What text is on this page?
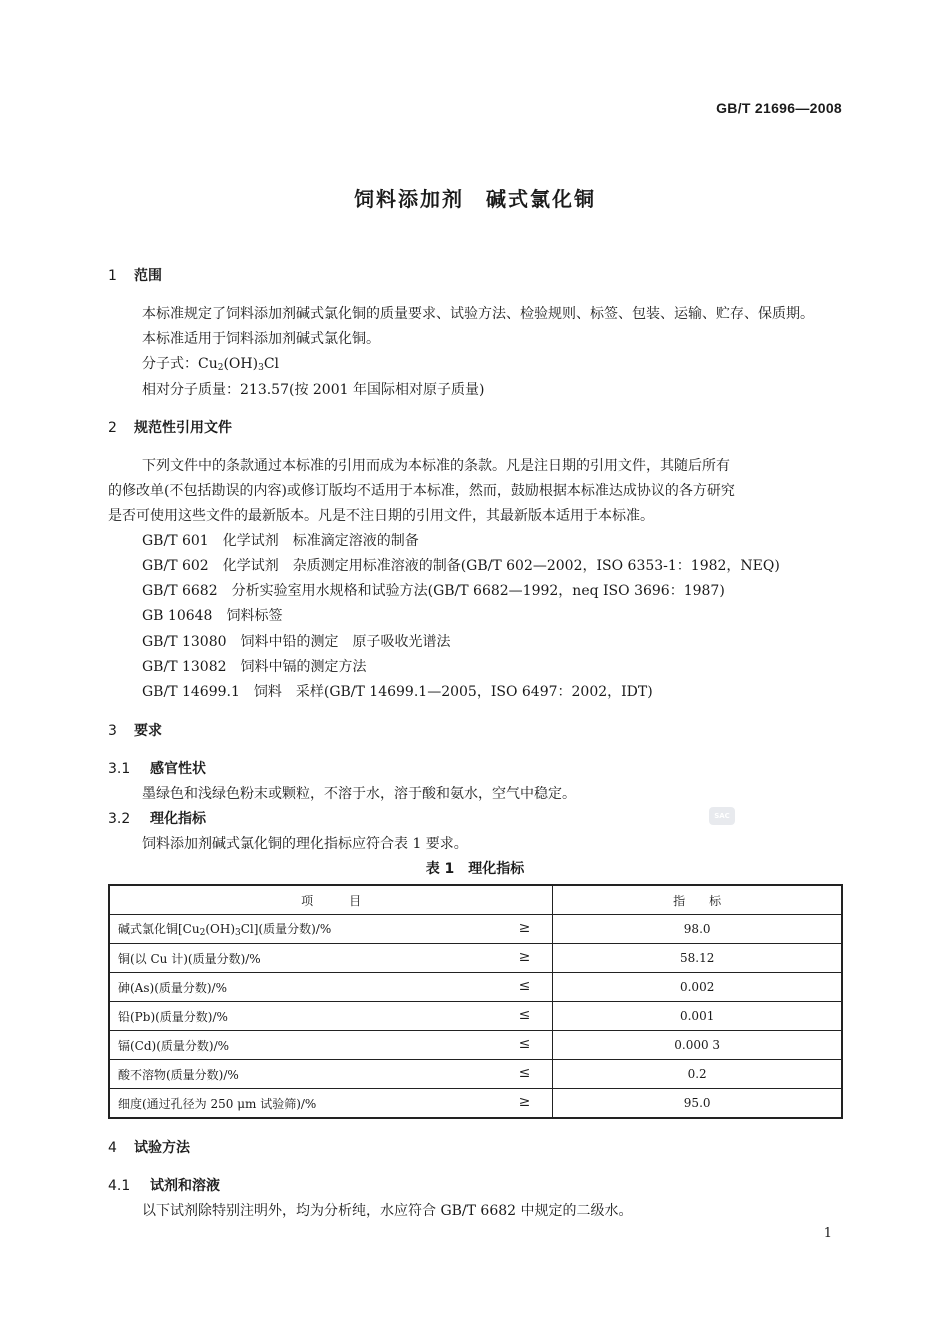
GB/T 21696—2008
饲料添加剂　碱式氯化铜
1 范围
本标准规定了饲料添加剂碱式氯化铜的质量要求、试验方法、检验规则、标签、包装、运输、贮存、保质期。
本标准适用于饲料添加剂碱式氯化铜。
分子式：$Cu_2(OH)_3Cl$
相对分子质量：213.57(按 2001 年国际相对原子质量)
2 规范性引用文件
下列文件中的条款通过本标准的引用而成为本标准的条款。凡是注日期的引用文件，其随后所有
的修改单(不包括勘误的内容)或修订版均不适用于本标准，然而，鼓励根据本标准达成协议的各方研究
是否可使用这些文件的最新版本。凡是不注日期的引用文件，其最新版本适用于本标准。
GB/T 601　化学试剂　标准滴定溶液的制备
GB/T 602　化学试剂　杂质测定用标准溶液的制备(GB/T 602—2002，ISO 6353-1：1982，NEQ)
GB/T 6682　分析实验室用水规格和试验方法(GB/T 6682—1992，neq ISO 3696：1987)
GB 10648　饲料标签
GB/T 13080　饲料中铅的测定　原子吸收光谱法
GB/T 13082　饲料中镉的测定方法
GB/T 14699.1　饲料　采样(GB/T 14699.1—2005，ISO 6497：2002，IDT)
3 要求
3.1 感官性状
墨绿色和浅绿色粉末或颗粒，不溶于水，溶于酸和氨水，空气中稳定。
3.2 理化指标
饲料添加剂碱式氯化铜的理化指标应符合表 1 要求。
SAC
表 1　理化指标
项　　　目	指　　标
碱式氯化铜$[Cu_2(OH)_3Cl]$(质量分数)/% ≥	98.0
铜(以 Cu 计)(质量分数)/% ≥	58.12
砷(As)(质量分数)/% ≤	0.002
铅(Pb)(质量分数)/% ≤	0.001
镉(Cd)(质量分数)/% ≤	0.000 3
酸不溶物(质量分数)/% ≤	0.2
细度(通过孔径为 250 μm 试验筛)/% ≥	95.0
4 试验方法
4.1 试剂和溶液
以下试剂除特别注明外，均为分析纯，水应符合 GB/T 6682 中规定的二级水。
1
